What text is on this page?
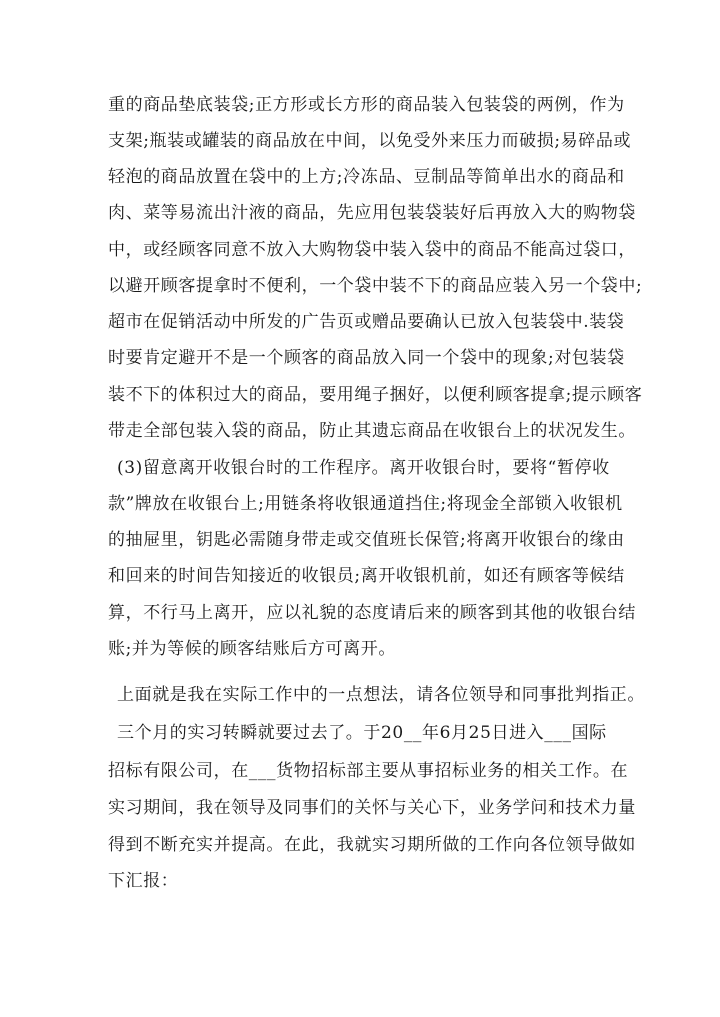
重的商品垫底装袋;正方形或长方形的商品装入包装袋的两例，作为
支架;瓶装或罐装的商品放在中间，以免受外来压力而破损;易碎品或
轻泡的商品放置在袋中的上方;冷冻品、豆制品等简单出水的商品和
肉、菜等易流出汁液的商品，先应用包装袋装好后再放入大的购物袋
中，或经顾客同意不放入大购物袋中装入袋中的商品不能高过袋口，
以避开顾客提拿时不便利，一个袋中装不下的商品应装入另一个袋中;
超市在促销活动中所发的广告页或赠品要确认已放入包装袋中.装袋
时要肯定避开不是一个顾客的商品放入同一个袋中的现象;对包装袋
装不下的体积过大的商品，要用绳子捆好，以便利顾客提拿;提示顾客
带走全部包装入袋的商品，防止其遗忘商品在收银台上的状况发生。
(3)留意离开收银台时的工作程序。离开收银台时，要将“暂停收
款”牌放在收银台上;用链条将收银通道挡住;将现金全部锁入收银机
的抽屉里，钥匙必需随身带走或交值班长保管;将离开收银台的缘由
和回来的时间告知接近的收银员;离开收银机前，如还有顾客等候结
算，不行马上离开，应以礼貌的态度请后来的顾客到其他的收银台结
账;并为等候的顾客结账后方可离开。
上面就是我在实际工作中的一点想法，请各位领导和同事批判指正。
三个月的实习转瞬就要过去了。于20__年6月25日进入___国际
招标有限公司，在___货物招标部主要从事招标业务的相关工作。在
实习期间，我在领导及同事们的关怀与关心下，业务学问和技术力量
得到不断充实并提高。在此，我就实习期所做的工作向各位领导做如
下汇报：
